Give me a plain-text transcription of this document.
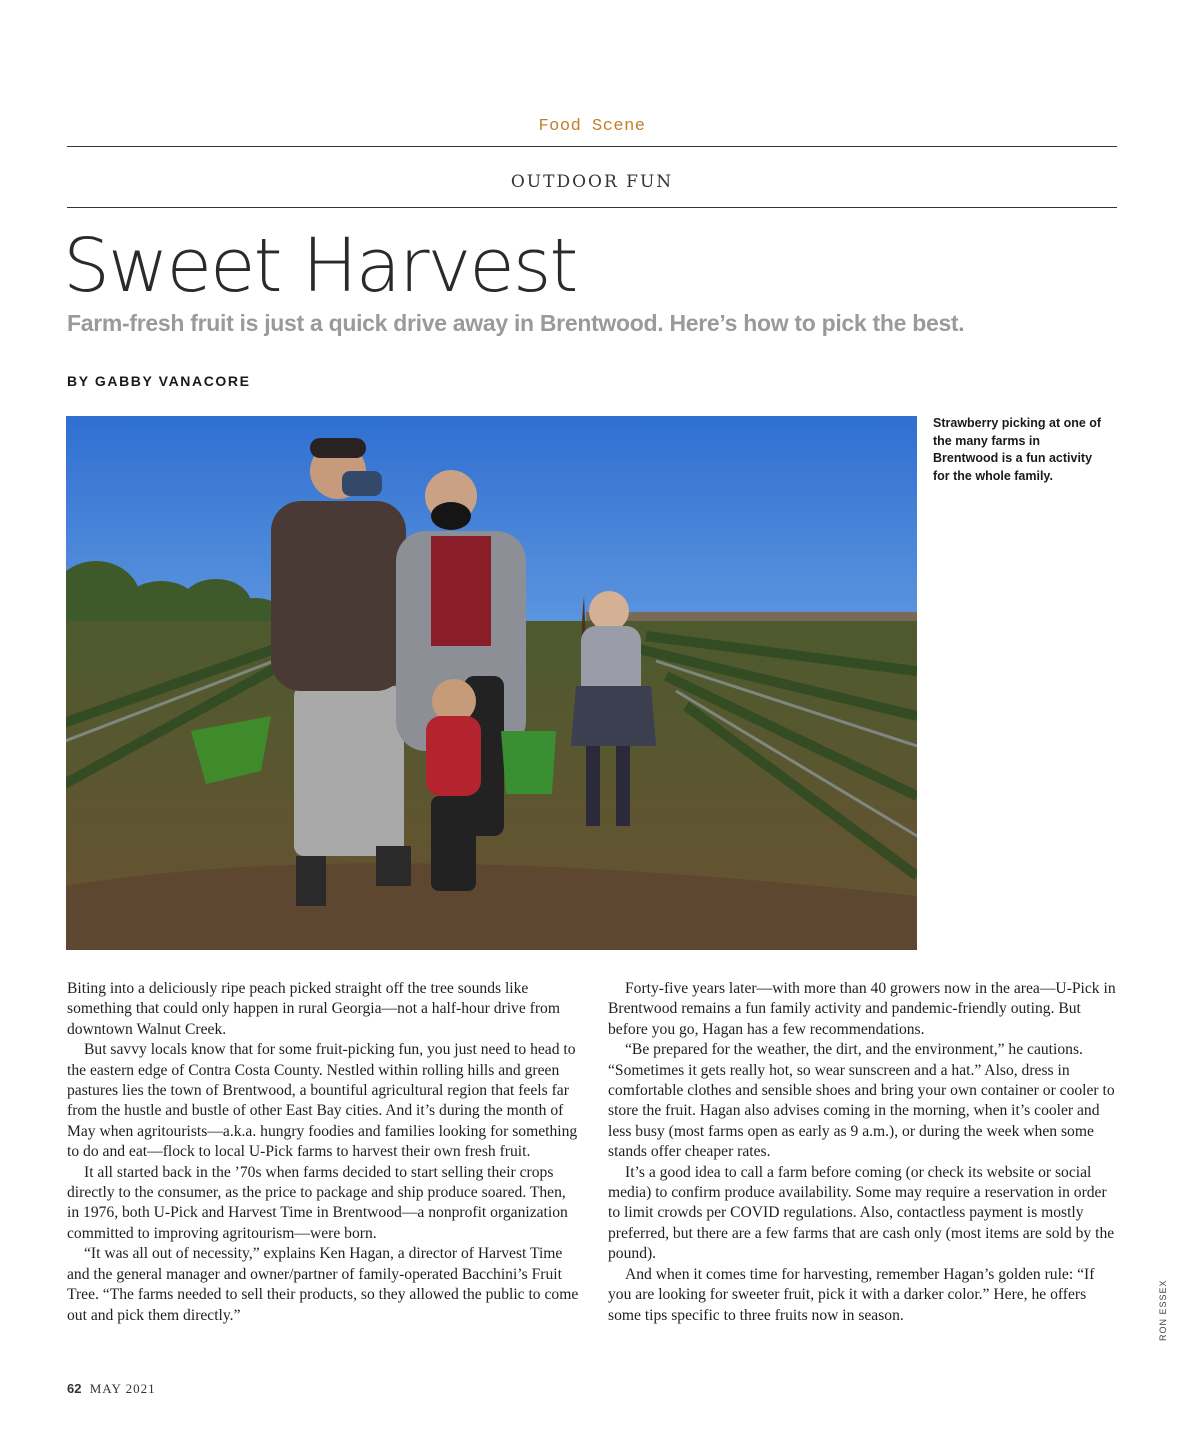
Food Scene
OUTDOOR FUN
Sweet Harvest
Farm-fresh fruit is just a quick drive away in Brentwood. Here’s how to pick the best.
BY GABBY VANACORE
Strawberry picking at one of the many farms in Brentwood is a fun activity for the whole family.

Biting into a deliciously ripe peach picked straight off the tree sounds like something that could only happen in rural Georgia—not a half-hour drive from downtown Walnut Creek.

But savvy locals know that for some fruit-picking fun, you just need to head to the eastern edge of Contra Costa County. Nestled within rolling hills and green pastures lies the town of Brentwood, a bountiful agricultural region that feels far from the hustle and bustle of other East Bay cities. And it’s during the month of May when agritourists—a.k.a. hungry foodies and families looking for something to do and eat—flock to local U-Pick farms to harvest their own fresh fruit.

It all started back in the ’70s when farms decided to start selling their crops directly to the consumer, as the price to package and ship produce soared. Then, in 1976, both U-Pick and Harvest Time in Brentwood—a nonprofit organization committed to improving agritourism—were born.

“It was all out of necessity,” explains Ken Hagan, a director of Harvest Time and the general manager and owner/partner of family-operated Bacchini’s Fruit Tree. “The farms needed to sell their products, so they allowed the public to come out and pick them directly.”

Forty-five years later—with more than 40 growers now in the area—U-Pick in Brentwood remains a fun family activity and pandemic-friendly outing. But before you go, Hagan has a few recommendations.

“Be prepared for the weather, the dirt, and the environment,” he cautions. “Sometimes it gets really hot, so wear sunscreen and a hat.” Also, dress in comfortable clothes and sensible shoes and bring your own container or cooler to store the fruit. Hagan also advises coming in the morning, when it’s cooler and less busy (most farms open as early as 9 a.m.), or during the week when some stands offer cheaper rates.

It’s a good idea to call a farm before coming (or check its website or social media) to confirm produce availability. Some may require a reservation in order to limit crowds per COVID regulations. Also, contactless payment is mostly preferred, but there are a few farms that are cash only (most items are sold by the pound).

And when it comes time for harvesting, remember Hagan’s golden rule: “If you are looking for sweeter fruit, pick it with a darker color.” Here, he offers some tips specific to three fruits now in season.	RON ESSEX
62 MAY 2021
